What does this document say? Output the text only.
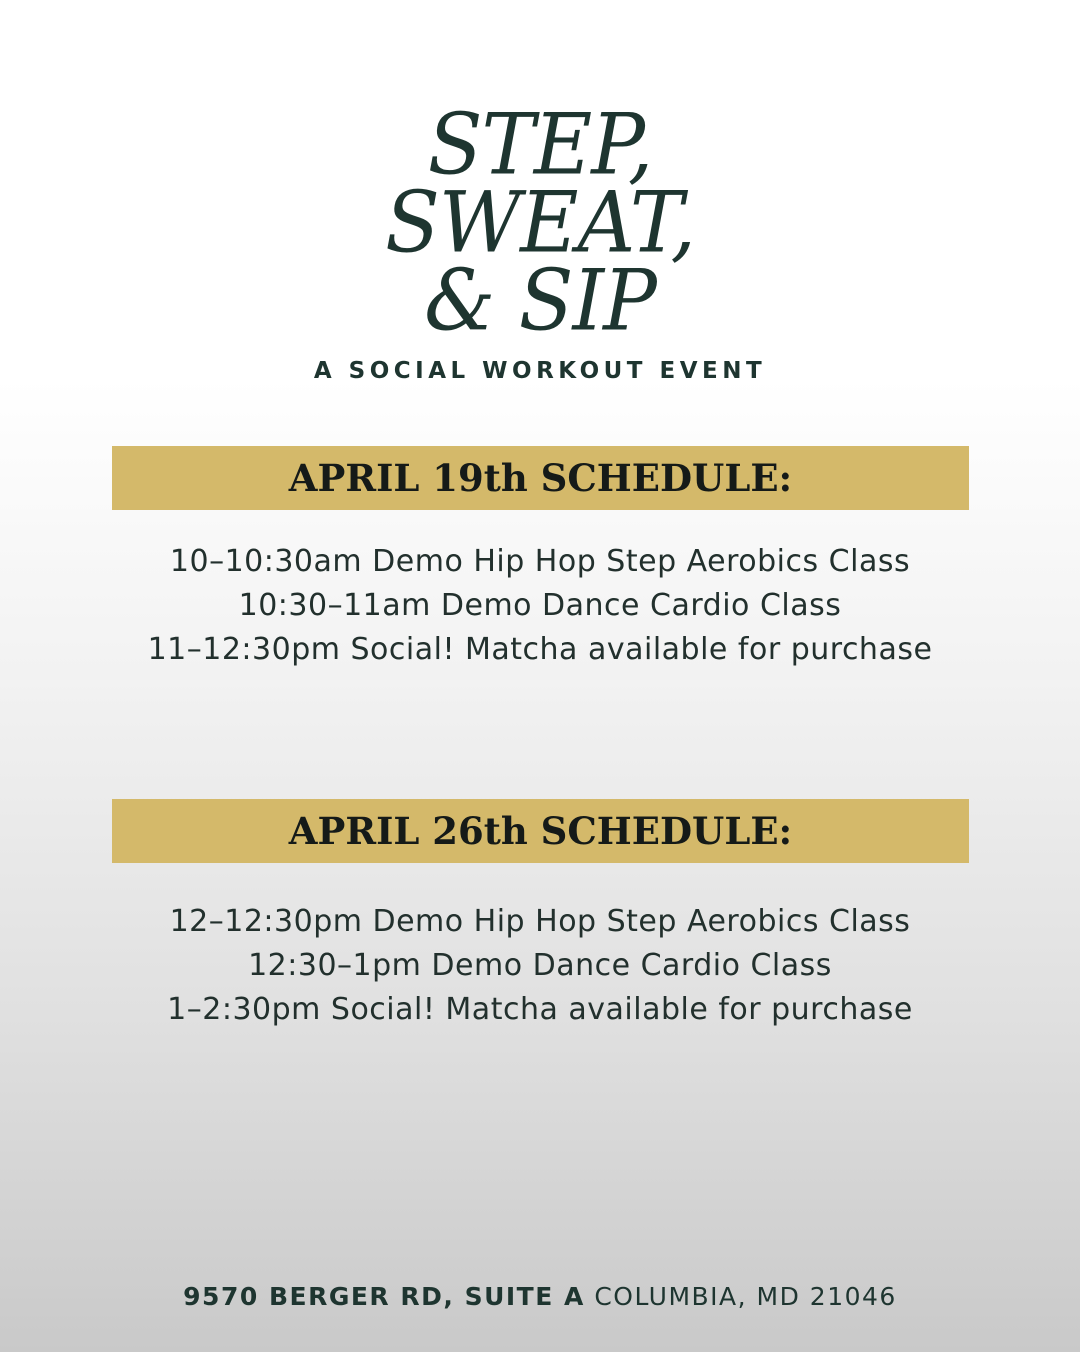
STEP,
SWEAT,
& SIP
A SOCIAL WORKOUT EVENT
APRIL 19th SCHEDULE:
10–10:30am Demo Hip Hop Step Aerobics Class
10:30–11am Demo Dance Cardio Class
11–12:30pm Social! Matcha available for purchase
APRIL 26th SCHEDULE:
12–12:30pm Demo Hip Hop Step Aerobics Class
12:30–1pm Demo Dance Cardio Class
1–2:30pm Social! Matcha available for purchase
9570 BERGER RD, SUITE A COLUMBIA, MD 21046
